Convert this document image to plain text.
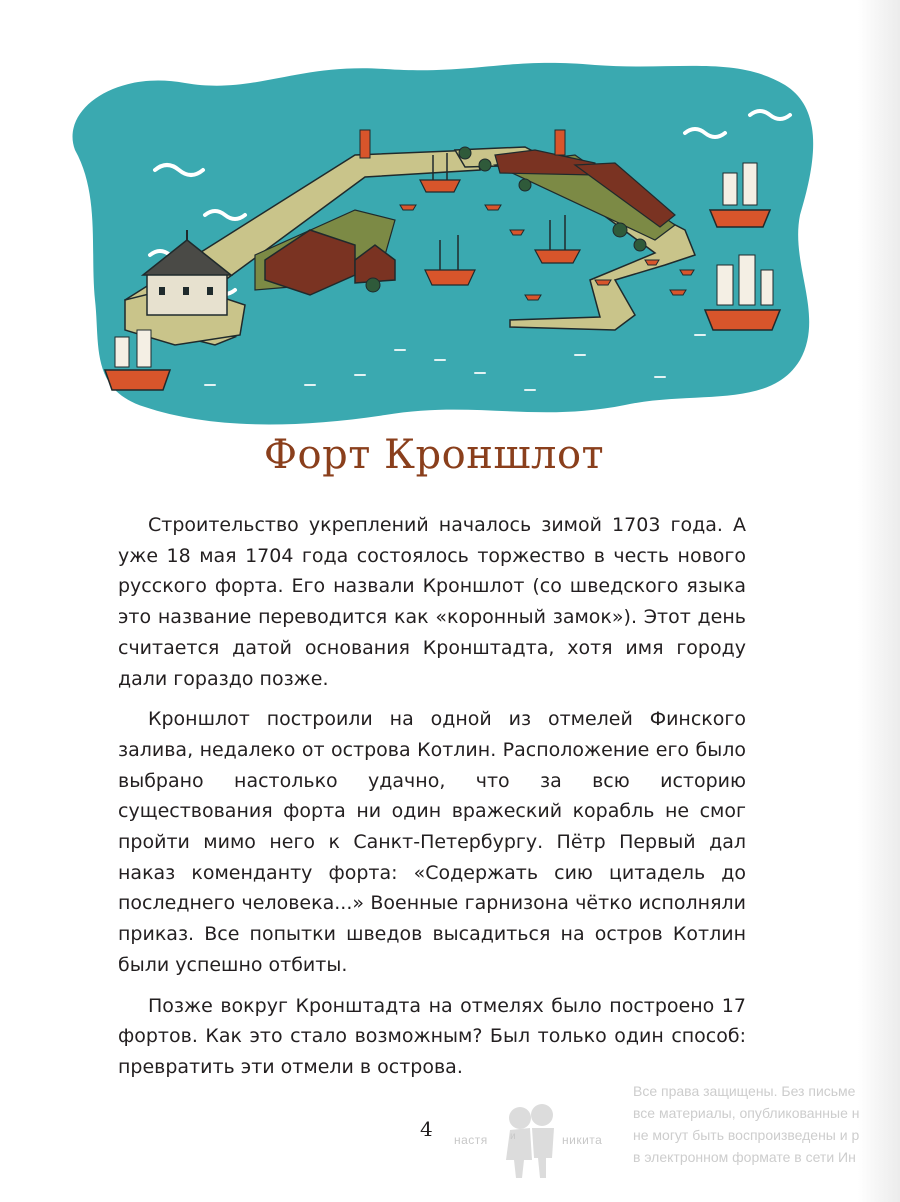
Форт Кроншлот

Строительство укреплений началось зимой 1703 года. А уже 18 мая 1704 года состоялось торжество в честь нового русского форта. Его назвали Кроншлот (со шведского языка это название переводится как «коронный замок»). Этот день считается датой основания Кронштадта, хотя имя городу дали гораздо позже.

Кроншлот построили на одной из отмелей Финского залива, недалеко от острова Котлин. Расположение его было выбрано настолько удачно, что за всю историю существования форта ни один вражеский корабль не смог пройти мимо него к Санкт-Петербургу. Пётр Первый дал наказ коменданту форта: «Содержать сию цитадель до последнего человека...» Военные гарнизона чётко исполняли приказ. Все попытки шведов высадиться на остров Котлин были успешно отбиты.

Позже вокруг Кронштадта на отмелях было построено 17 фортов. Как это стало возможным? Был только один способ: превратить эти отмели в острова.

4 настя и	никита
Все права защищены. Без письме
все материалы, опубликованные н
не могут быть воспроизведены и р
в электронном формате в сети Ин
